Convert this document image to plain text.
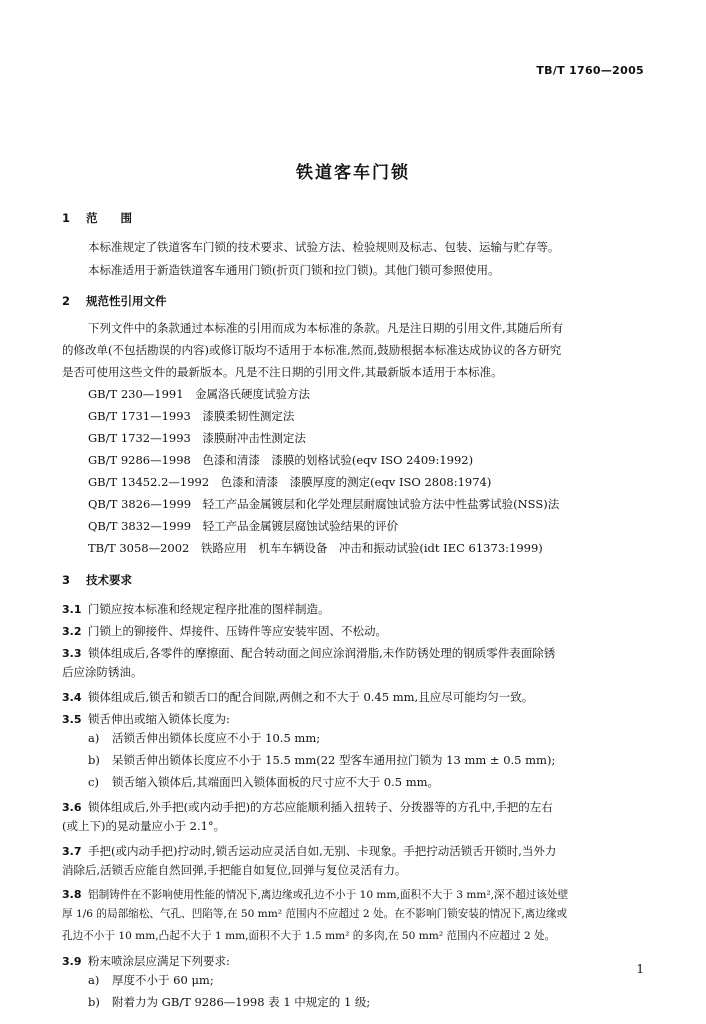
TB/T 1760—2005
铁道客车门锁
1 范　　围
本标准规定了铁道客车门锁的技术要求、试验方法、检验规则及标志、包装、运输与贮存等。
本标准适用于新造铁道客车通用门锁(折页门锁和拉门锁)。其他门锁可参照使用。
2 规范性引用文件
下列文件中的条款通过本标准的引用而成为本标准的条款。凡是注日期的引用文件,其随后所有
的修改单(不包括勘误的内容)或修订版均不适用于本标准,然而,鼓励根据本标准达成协议的各方研究
是否可使用这些文件的最新版本。凡是不注日期的引用文件,其最新版本适用于本标准。
GB/T 230—1991　金属洛氏硬度试验方法
GB/T 1731—1993　漆膜柔韧性测定法
GB/T 1732—1993　漆膜耐冲击性测定法
GB/T 9286—1998　色漆和清漆　漆膜的划格试验(eqv ISO 2409:1992)
GB/T 13452.2—1992　色漆和清漆　漆膜厚度的测定(eqv ISO 2808:1974)
QB/T 3826—1999　轻工产品金属镀层和化学处理层耐腐蚀试验方法中性盐雾试验(NSS)法
QB/T 3832—1999　轻工产品金属镀层腐蚀试验结果的评价
TB/T 3058—2002　铁路应用　机车车辆设备　冲击和振动试验(idt IEC 61373:1999)
3 技术要求
3.1 门锁应按本标准和经规定程序批准的图样制造。
3.2 门锁上的铆接件、焊接件、压铸件等应安装牢固、不松动。
3.3 锁体组成后,各零件的摩擦面、配合转动面之间应涂润滑脂,未作防锈处理的钢质零件表面除锈
后应涂防锈油。
3.4 锁体组成后,锁舌和锁舌口的配合间隙,两侧之和不大于 0.45 mm,且应尽可能均匀一致。
3.5 锁舌伸出或缩入锁体长度为:
a) 活锁舌伸出锁体长度应不小于 10.5 mm;
b) 呆锁舌伸出锁体长度应不小于 15.5 mm(22 型客车通用拉门锁为 13 mm ± 0.5 mm);
c) 锁舌缩入锁体后,其端面凹入锁体面板的尺寸应不大于 0.5 mm。
3.6 锁体组成后,外手把(或内动手把)的方芯应能顺利插入扭转子、分拨器等的方孔中,手把的左右
(或上下)的晃动量应小于 2.1°。
3.7 手把(或内动手把)拧动时,锁舌运动应灵活自如,无别、卡现象。手把拧动活锁舌开锁时,当外力
消除后,活锁舌应能自然回弹,手把能自如复位,回弹与复位灵活有力。
3.8 铝制铸件在不影响使用性能的情况下,离边缘或孔边不小于 10 mm,面积不大于 3 mm²,深不超过该处壁
厚 1/6 的局部缩松、气孔、凹陷等,在 50 mm² 范围内不应超过 2 处。在不影响门锁安装的情况下,离边缘或
孔边不小于 10 mm,凸起不大于 1 mm,面积不大于 1.5 mm² 的多肉,在 50 mm² 范围内不应超过 2 处。
3.9 粉末喷涂层应满足下列要求:
a) 厚度不小于 60 μm;
b) 附着力为 GB/T 9286—1998 表 1 中规定的 1 级;
1
